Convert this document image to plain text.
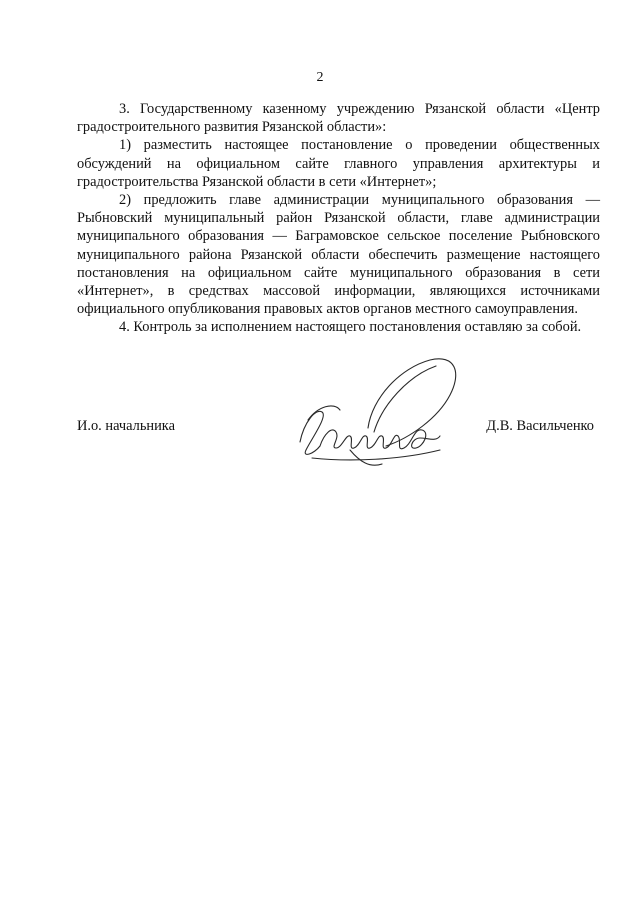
2

3. Государственному казенному учреждению Рязанской области «Центр градостроительного развития Рязанской области»:

1) разместить настоящее постановление о проведении общественных обсуждений на официальном сайте главного управления архитектуры и градостроительства Рязанской области в сети «Интернет»;

2) предложить главе администрации муниципального образования — Рыбновский муниципальный район Рязанской области, главе администрации муниципального образования — Баграмовское сельское поселение Рыбновского муниципального района Рязанской области обеспечить размещение настоящего постановления на официальном сайте муниципального образования в сети «Интернет», в средствах массовой информации, являющихся источниками официального опубликования правовых актов органов местного самоуправления.

4. Контроль за исполнением настоящего постановления оставляю за собой.

И.о. начальника	Д.В. Васильченко
